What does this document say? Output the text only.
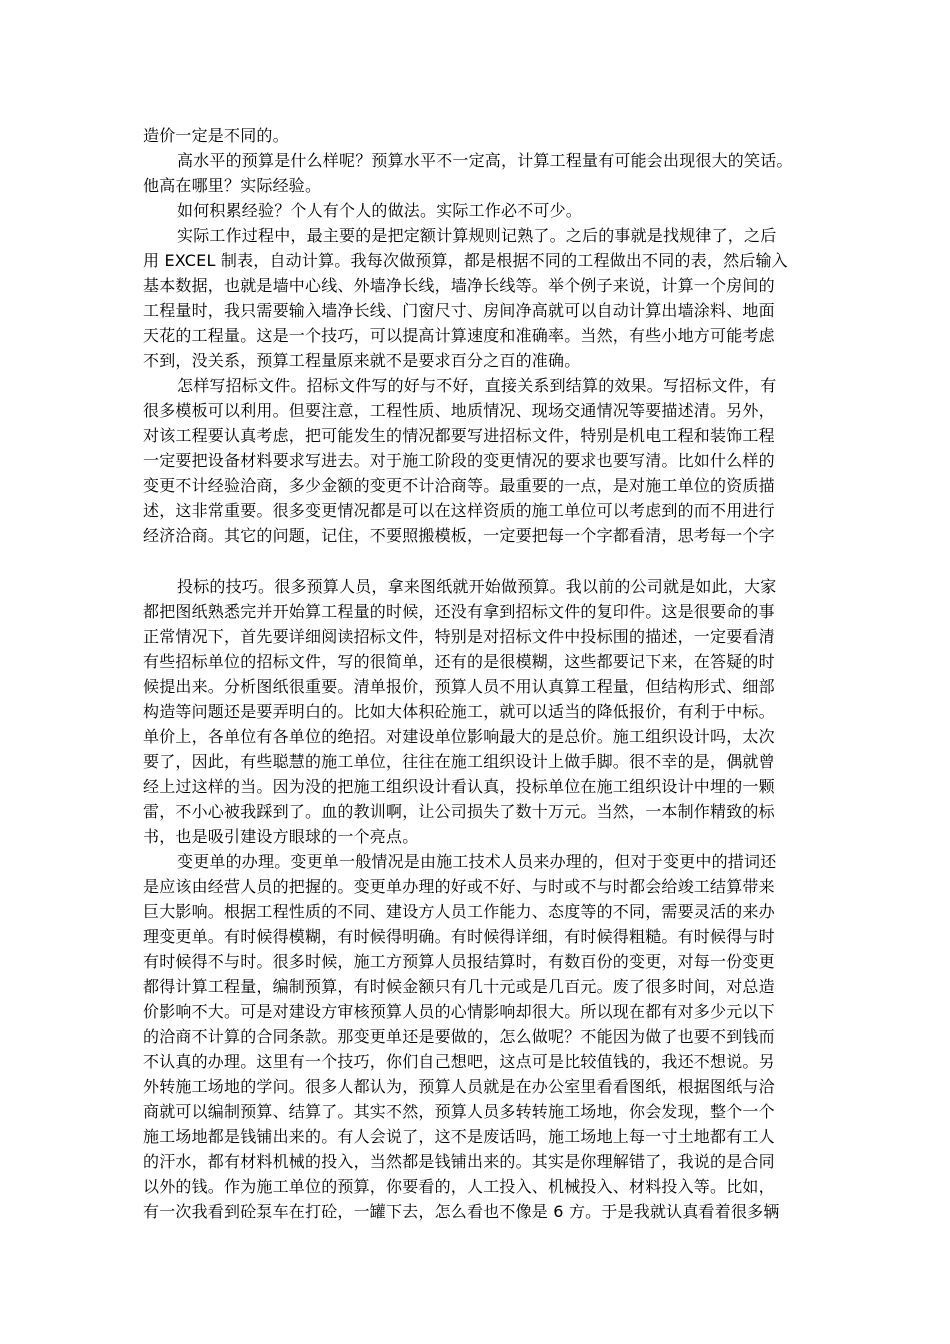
造价一定是不同的。
高水平的预算是什么样呢？预算水平不一定高，计算工程量有可能会出现很大的笑话。
他高在哪里？实际经验。
如何积累经验？个人有个人的做法。实际工作必不可少。
实际工作过程中，最主要的是把定额计算规则记熟了。之后的事就是找规律了，之后
用 EXCEL 制表，自动计算。我每次做预算，都是根据不同的工程做出不同的表，然后输入
基本数据，也就是墙中心线、外墙净长线，墙净长线等。举个例子来说，计算一个房间的
工程量时，我只需要输入墙净长线、门窗尺寸、房间净高就可以自动计算出墙涂料、地面
天花的工程量。这是一个技巧，可以提高计算速度和准确率。当然，有些小地方可能考虑
不到，没关系，预算工程量原来就不是要求百分之百的准确。
怎样写招标文件。招标文件写的好与不好，直接关系到结算的效果。写招标文件，有
很多模板可以利用。但要注意，工程性质、地质情况、现场交通情况等要描述清。另外，
对该工程要认真考虑，把可能发生的情况都要写进招标文件，特别是机电工程和装饰工程
一定要把设备材料要求写进去。对于施工阶段的变更情况的要求也要写清。比如什么样的
变更不计经验洽商，多少金额的变更不计洽商等。最重要的一点，是对施工单位的资质描
述，这非常重要。很多变更情况都是可以在这样资质的施工单位可以考虑到的而不用进行
经济洽商。其它的问题，记住，不要照搬模板，一定要把每一个字都看清，思考每一个字
投标的技巧。很多预算人员，拿来图纸就开始做预算。我以前的公司就是如此，大家
都把图纸熟悉完并开始算工程量的时候，还没有拿到招标文件的复印件。这是很要命的事
正常情况下，首先要详细阅读招标文件，特别是对招标文件中投标围的描述，一定要看清
有些招标单位的招标文件，写的很简单，还有的是很模糊，这些都要记下来，在答疑的时
候提出来。分析图纸很重要。清单报价，预算人员不用认真算工程量，但结构形式、细部
构造等问题还是要弄明白的。比如大体积砼施工，就可以适当的降低报价，有利于中标。
单价上，各单位有各单位的绝招。对建设单位影响最大的是总价。施工组织设计吗，太次
要了，因此，有些聪慧的施工单位，往往在施工组织设计上做手脚。很不幸的是，偶就曾
经上过这样的当。因为没的把施工组织设计看认真，投标单位在施工组织设计中埋的一颗
雷，不小心被我踩到了。血的教训啊，让公司损失了数十万元。当然，一本制作精致的标
书，也是吸引建设方眼球的一个亮点。
变更单的办理。变更单一般情况是由施工技术人员来办理的，但对于变更中的措词还
是应该由经营人员的把握的。变更单办理的好或不好、与时或不与时都会给竣工结算带来
巨大影响。根据工程性质的不同、建设方人员工作能力、态度等的不同，需要灵活的来办
理变更单。有时候得模糊，有时候得明确。有时候得详细，有时候得粗糙。有时候得与时
有时候得不与时。很多时候，施工方预算人员报结算时，有数百份的变更，对每一份变更
都得计算工程量，编制预算，有时候金额只有几十元或是几百元。废了很多时间，对总造
价影响不大。可是对建设方审核预算人员的心情影响却很大。所以现在都有对多少元以下
的洽商不计算的合同条款。那变更单还是要做的，怎么做呢？不能因为做了也要不到钱而
不认真的办理。这里有一个技巧，你们自己想吧，这点可是比较值钱的，我还不想说。另
外转施工场地的学问。很多人都认为，预算人员就是在办公室里看看图纸，根据图纸与洽
商就可以编制预算、结算了。其实不然，预算人员多转转施工场地，你会发现，整个一个
施工场地都是钱铺出来的。有人会说了，这不是废话吗，施工场地上每一寸土地都有工人
的汗水，都有材料机械的投入，当然都是钱铺出来的。其实是你理解错了，我说的是合同
以外的钱。作为施工单位的预算，你要看的，人工投入、机械投入、材料投入等。比如，
有一次我看到砼泵车在打砼，一罐下去，怎么看也不像是 6 方。于是我就认真看着很多辆
